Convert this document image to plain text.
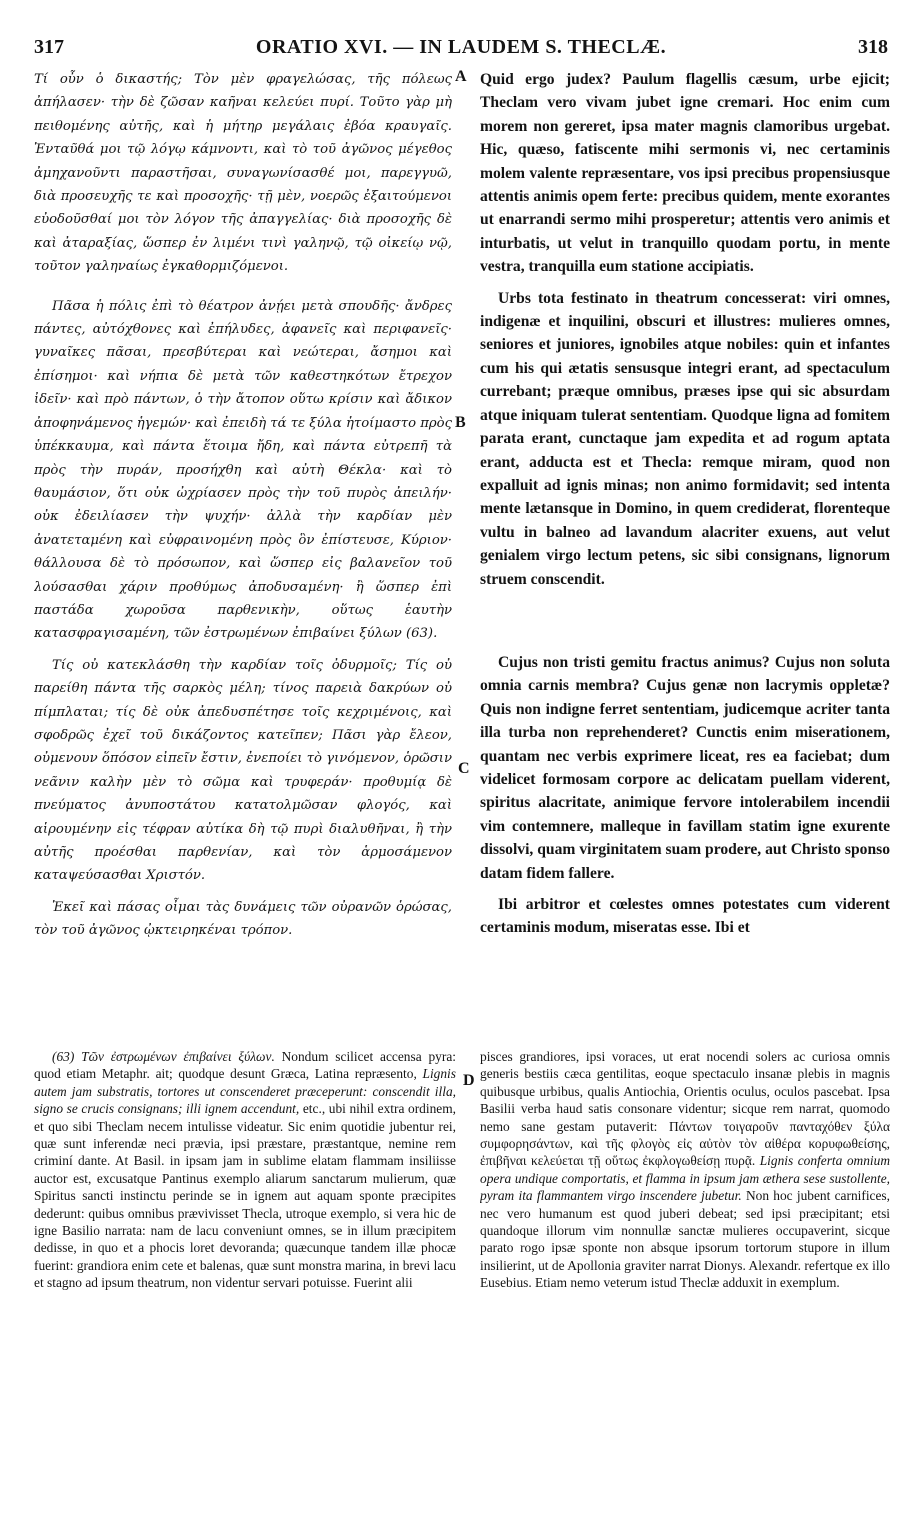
317	ORATIO XVI. — IN LAUDEM S. THECLÆ.	318
A
B
C
D

Τί οὖν ὁ δικαστής; Τὸν μὲν φραγελώσας, τῆς πόλεως ἀπήλασεν· τὴν δὲ ζῶσαν καῆναι κελεύει πυρί. Τοῦτο γὰρ μὴ πειθομένης αὐτῆς, καὶ ἡ μήτηρ μεγάλαις ἐβόα κραυγαῖς. Ἐνταῦθά μοι τῷ λόγῳ κάμνοντι, καὶ τὸ τοῦ ἀγῶνος μέγεθος ἀμηχανοῦντι παραστῆσαι, συναγωνίσασθέ μοι, παρεγγυῶ, διὰ προσευχῆς τε καὶ προσοχῆς· τῇ μὲν, νοερῶς ἐξαιτούμενοι εὐοδοῦσθαί μοι τὸν λόγον τῆς ἀπαγγελίας· διὰ προσοχῆς δὲ καὶ ἀταραξίας, ὥσπερ ἐν λιμένι τινὶ γαληνῷ, τῷ οἰκείῳ νῷ, τοῦτον γαληναίως ἐγκαθορμιζόμενοι.

Πᾶσα ἡ πόλις ἐπὶ τὸ θέατρον ἀνῄει μετὰ σπουδῆς· ἄνδρες πάντες, αὐτόχθονες καὶ ἐπήλυδες, ἀφανεῖς καὶ περιφανεῖς· γυναῖκες πᾶσαι, πρεσβύτεραι καὶ νεώτεραι, ἄσημοι καὶ ἐπίσημοι· καὶ νήπια δὲ μετὰ τῶν καθεστηκότων ἔτρεχον ἰδεῖν· καὶ πρὸ πάντων, ὁ τὴν ἄτοπον οὕτω κρίσιν καὶ ἄδικον ἀποφηνάμενος ἡγεμών· καὶ ἐπειδὴ τά τε ξύλα ἡτοίμαστο πρὸς ὑπέκκαυμα, καὶ πάντα ἕτοιμα ἤδη, καὶ πάντα εὐτρεπῆ τὰ πρὸς τὴν πυράν, προσήχθη καὶ αὐτὴ Θέκλα· καὶ τὸ θαυμάσιον, ὅτι οὐκ ὠχρίασεν πρὸς τὴν τοῦ πυρὸς ἀπειλήν· οὐκ ἐδειλίασεν τὴν ψυχήν· ἀλλὰ τὴν καρδίαν μὲν ἀνατεταμένη καὶ εὐφραινομένη πρὸς ὃν ἐπίστευσε, Κύριον· θάλλουσα δὲ τὸ πρόσωπον, καὶ ὥσπερ εἰς βαλανεῖον τοῦ λούσασθαι χάριν προθύμως ἀποδυσαμένη· ἢ ὥσπερ ἐπὶ παστάδα χωροῦσα παρθενικὴν, οὕτως ἑαυτὴν κατασφραγισαμένη, τῶν ἐστρωμένων ἐπιβαίνει ξύλων (63).

Τίς οὐ κατεκλάσθη τὴν καρδίαν τοῖς ὀδυρμοῖς; Τίς οὐ παρείθη πάντα τῆς σαρκὸς μέλη; τίνος παρειὰ δακρύων οὐ πίμπλαται; τίς δὲ οὐκ ἀπεδυσπέτησε τοῖς κεχριμένοις, καὶ σφοδρῶς ἐχεῖ τοῦ δικάζοντος κατεῖπεν; Πᾶσι γὰρ ἔλεον, οὐμενουν ὅπόσον εἰπεῖν ἔστιν, ἐνεποίει τὸ γινόμενον, ὁρῶσιν νεᾶνιν καλὴν μὲν τὸ σῶμα καὶ τρυφεράν· προθυμίᾳ δὲ πνεύματος ἀνυποστάτου κατατολμῶσαν φλογός, καὶ αἱρουμένην εἰς τέφραν αὐτίκα δὴ τῷ πυρὶ διαλυθῆναι, ἢ τὴν αὐτῆς προέσθαι παρθενίαν, καὶ τὸν ἁρμοσάμενον καταψεύσασθαι Χριστόν.

Ἐκεῖ καὶ πάσας οἶμαι τὰς δυνάμεις τῶν οὐρανῶν ὁρώσας, τὸν τοῦ ἀγῶνος ᾠκτειρηκέναι τρόπον.

Quid ergo judex? Paulum flagellis cæsum, urbe ejicit; Theclam vero vivam jubet igne cremari. Hoc enim cum morem non gereret, ipsa mater magnis clamoribus urgebat. Hic, quæso, fatiscente mihi sermonis vi, nec certaminis molem valente repræsentare, vos ipsi precibus propensiusque attentis animis opem ferte: precibus quidem, mente exorantes ut enarrandi sermo mihi prosperetur; attentis vero animis et inturbatis, ut velut in tranquillo quodam portu, in mente vestra, tranquilla eum statione accipiatis.

Urbs tota festinato in theatrum concesserat: viri omnes, indigenæ et inquilini, obscuri et illustres: mulieres omnes, seniores et juniores, ignobiles atque nobiles: quin et infantes cum his qui ætatis sensusque integri erant, ad spectaculum currebant; præque omnibus, præses ipse qui sic absurdam atque iniquam tulerat sententiam. Quodque ligna ad fomitem parata erant, cunctaque jam expedita et ad rogum aptata erant, adducta est et Thecla: remque miram, quod non expalluit ad ignis minas; non animo formidavit; sed intenta mente lætansque in Domino, in quem crediderat, florenteque vultu in balneo ad lavandum alacriter exuens, aut velut genialem virgo lectum petens, sic sibi consignans, lignorum struem conscendit.

Cujus non tristi gemitu fractus animus? Cujus non soluta omnia carnis membra? Cujus genæ non lacrymis oppletæ? Quis non indigne ferret sententiam, judicemque acriter tanta illa turba non reprehenderet? Cunctis enim miserationem, quantam nec verbis exprimere liceat, res ea faciebat; dum videlicet formosam corpore ac delicatam puellam viderent, spiritus alacritate, animique fervore intolerabilem incendii vim contemnere, malleque in favillam statim igne exurente dissolvi, quam virginitatem suam prodere, aut Christo sponso datam fidem fallere.

Ibi arbitror et cœlestes omnes potestates cum viderent certaminis modum, miseratas esse. Ibi et

(63) Τῶν ἐστρωμένων ἐπιβαίνει ξύλων. Nondum scilicet accensa pyra: quod etiam Metaphr. ait; quodque desunt Græca, Latina repræsento, Lignis autem jam substratis, tortores ut conscenderet præceperunt: conscendit illa, signo se crucis consignans; illi ignem accendunt, etc., ubi nihil extra ordinem, et quo sibi Theclam necem intulisse videatur. Sic enim quotidie jubentur rei, quæ sunt inferendæ neci prævia, ipsi præstare, præstantque, nemine rem criminí dante. At Basil. in ipsam jam in sublime elatam flammam insiliisse auctor est, excusatque Pantinus exemplo aliarum sanctarum mulierum, quæ Spiritus sancti instinctu perinde se in ignem aut aquam sponte præcipites dederunt: quibus omnibus prævivisset Thecla, utroque exemplo, si vera hic de igne Basilio narrata: nam de lacu conveniunt omnes, se in illum præcipitem dedisse, in quo et a phocis loret devoranda; quæcunque tandem illæ phocæ fuerint: grandiora enim cete et balenas, quæ sunt monstra marina, in brevi lacu et stagno ad ipsum theatrum, non videntur servari potuisse. Fuerint alii

pisces grandiores, ipsi voraces, ut erat nocendi solers ac curiosa omnis generis bestiis cæca gentilitas, eoque spectaculo insanæ plebis in magnis quibusque urbibus, qualis Antiochia, Orientis oculus, oculos pascebat. Ipsa Basilii verba haud satis consonare videntur; sicque rem narrat, quomodo nemo sane gestam putaverit: Πάντων τοιγαροῦν πανταχόθεν ξύλα συμφορησάντων, καὶ τῆς φλογὸς εἰς αὐτὸν τὸν αἰθέρα κορυφωθείσης, ἐπιβῆναι κελεύεται τῇ οὕτως ἐκφλογωθείσῃ πυρᾷ. Lignis conferta omnium opera undique comportatis, et flamma in ipsum jam æthera sese sustollente, pyram ita flammantem virgo inscendere jubetur. Non hoc jubent carnifices, nec vero humanum est quod juberi debeat; sed ipsi præcipitant; etsi quandoque illorum vim nonnullæ sanctæ mulieres occupaverint, sicque parato rogo ipsæ sponte non absque ipsorum tortorum stupore in illum insilierint, ut de Apollonia graviter narrat Dionys. Alexandr. refertque ex illo Eusebius. Etiam nemo veterum istud Theclæ adduxit in exemplum.
